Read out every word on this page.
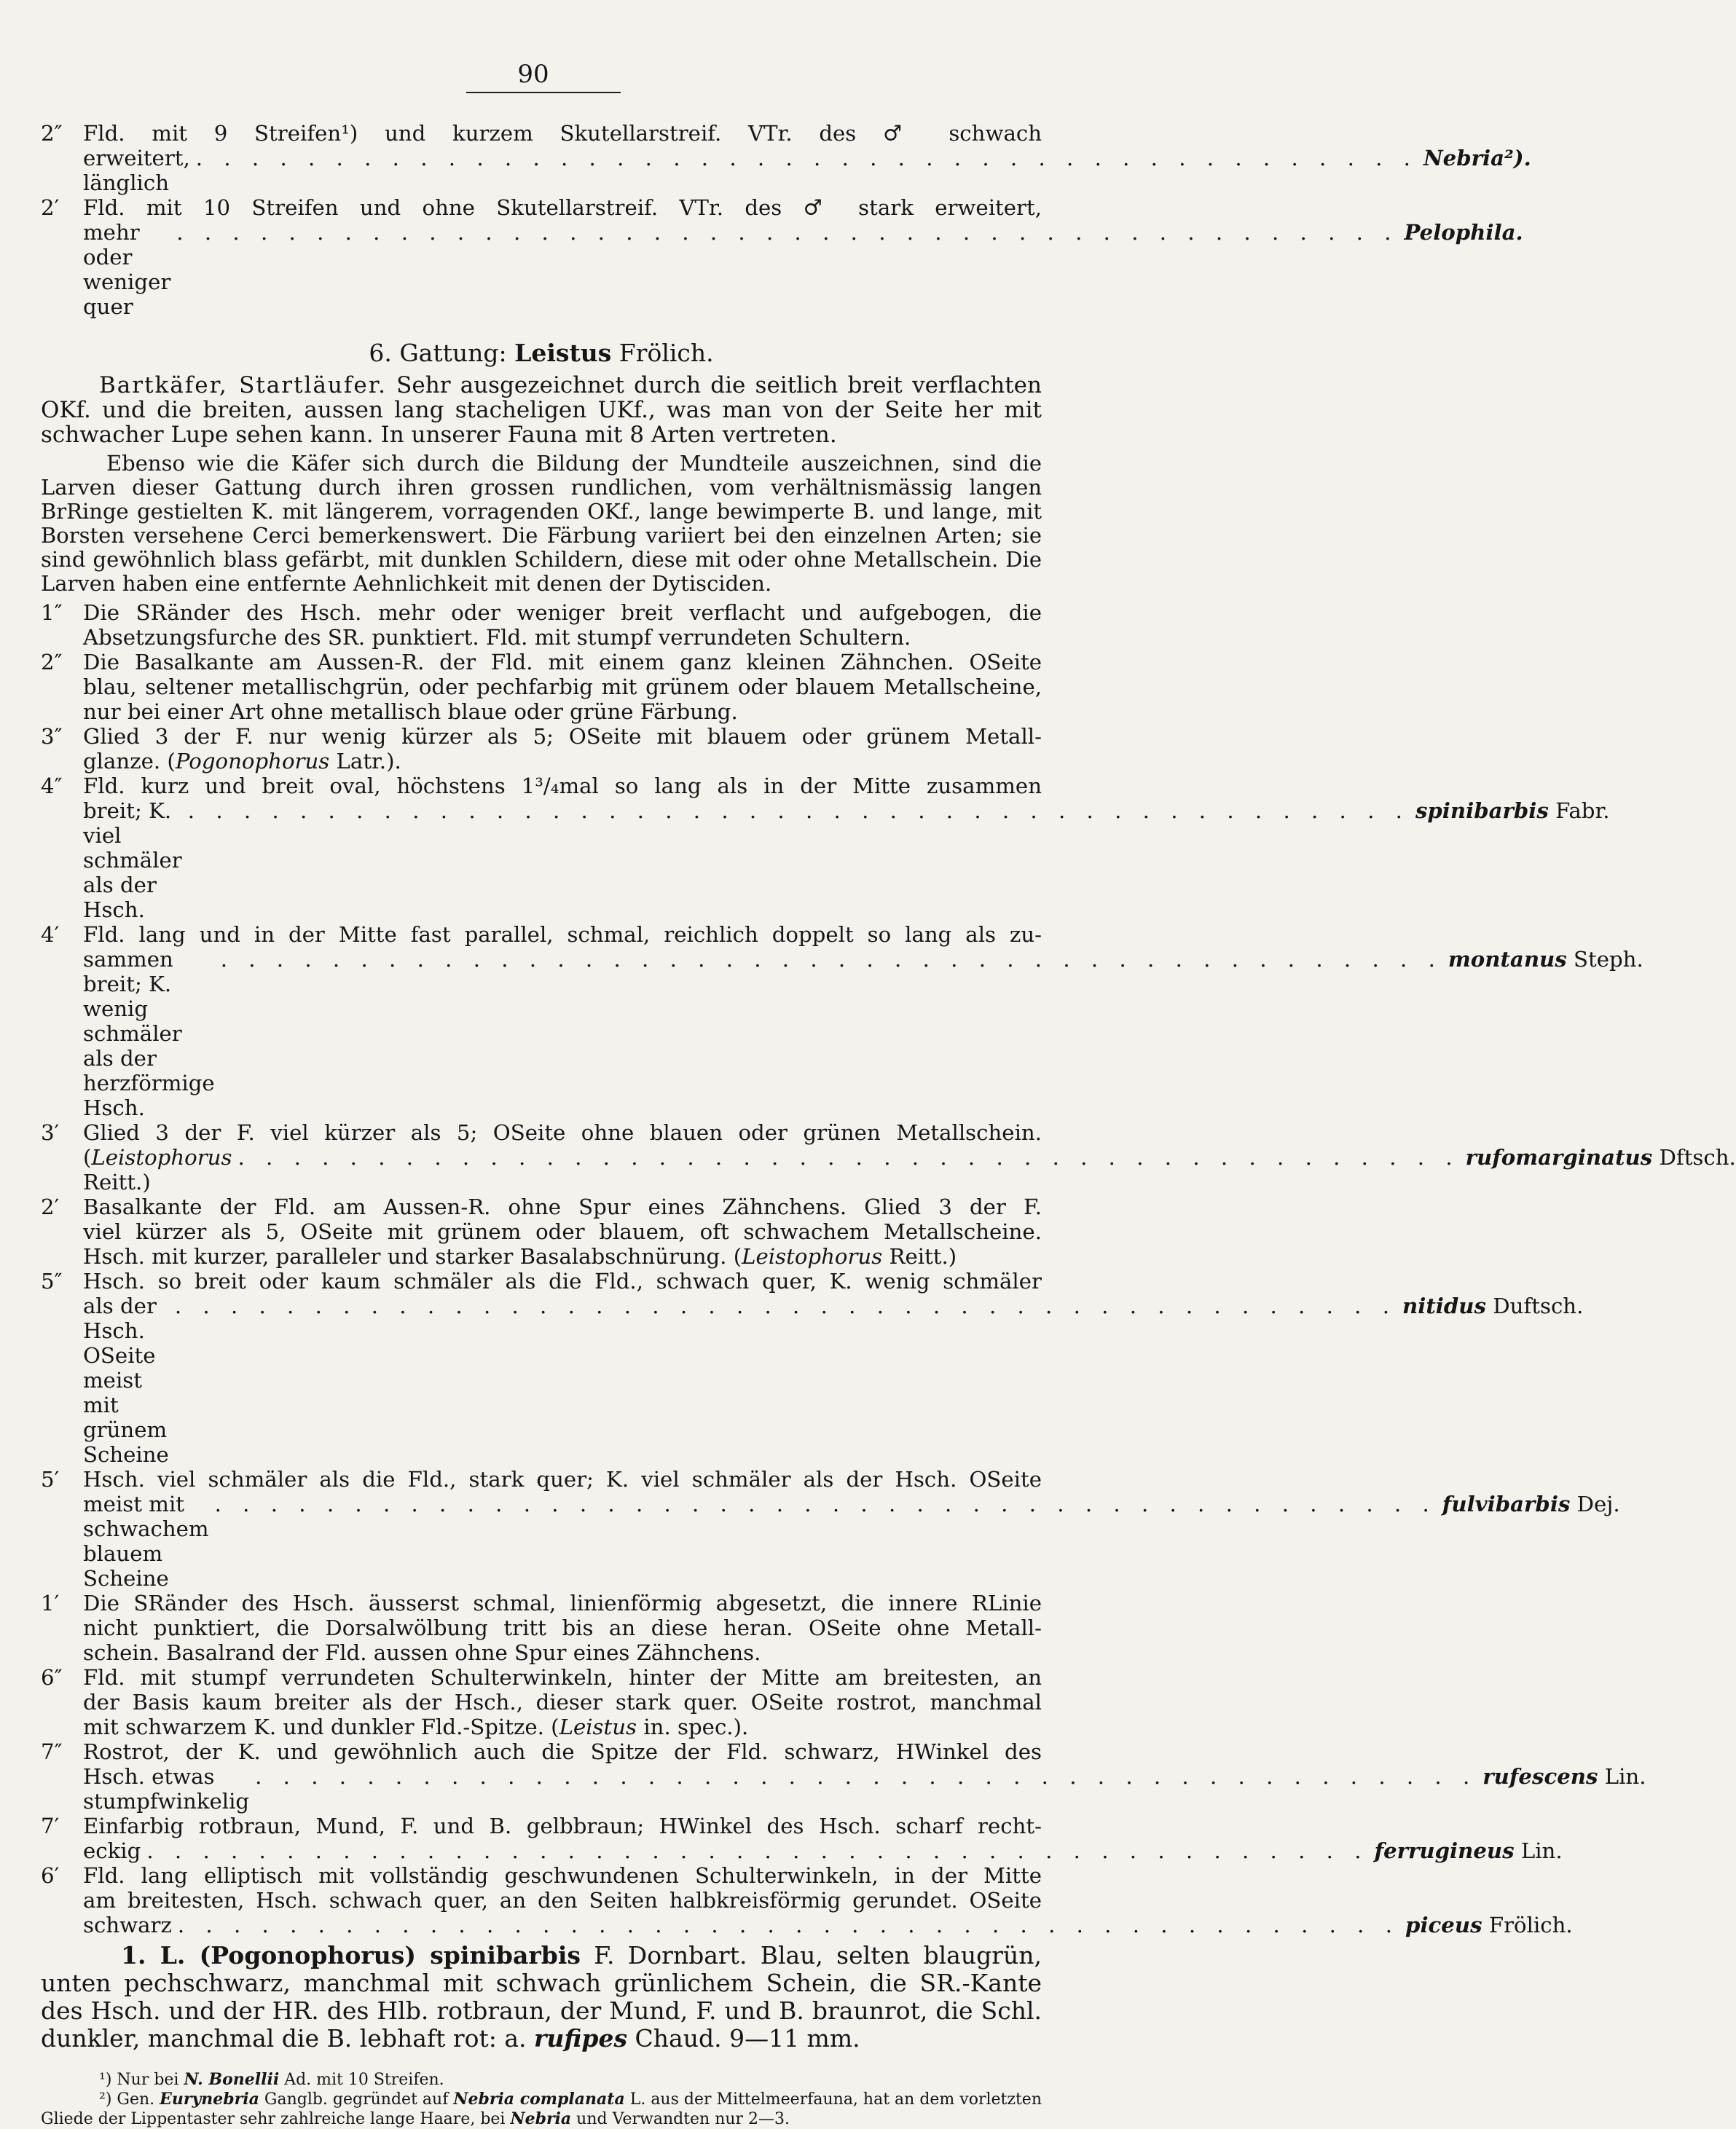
90
2″ Fld. mit 9 Streifen¹) und kurzem Skutellarstreif. VTr. des ♂ schwach
erweitert, länglich
. . . . . . . . . . . . . . . . . . . . . . . . . . . . . . . . . . . . . . . . . . . . Nebria²).
2′ Fld. mit 10 Streifen und ohne Skutellarstreif. VTr. des ♂ stark erweitert,
mehr oder weniger quer
. . . . . . . . . . . . . . . . . . . . . . . . . . . . . . . . . . . . . . . . . . . . Pelophila.
6. Gattung: Leistus Frölich.
Bartkäfer, Startläufer. Sehr ausgezeichnet durch die seitlich breit verflachten OKf. und die breiten, aussen lang stacheligen UKf., was man von der Seite her mit schwacher Lupe sehen kann. In unserer Fauna mit 8 Arten vertreten.
Ebenso wie die Käfer sich durch die Bildung der Mundteile auszeichnen, sind die Larven dieser Gattung durch ihren grossen rundlichen, vom verhältnismässig langen BrRinge gestielten K. mit längerem, vorragenden OKf., lange bewimperte B. und lange, mit Borsten versehene Cerci bemerkenswert. Die Färbung variiert bei den einzelnen Arten; sie sind gewöhnlich blass gefärbt, mit dunklen Schildern, diese mit oder ohne Metallschein. Die Larven haben eine entfernte Aehnlichkeit mit denen der Dytisciden.
1″ Die SRänder des Hsch. mehr oder weniger breit verflacht und aufgebogen, die
Absetzungsfurche des SR. punktiert. Fld. mit stumpf verrundeten Schultern.
2″ Die Basalkante am Aussen-R. der Fld. mit einem ganz kleinen Zähnchen. OSeite
blau, seltener metallischgrün, oder pechfarbig mit grünem oder blauem Metallscheine,
nur bei einer Art ohne metallisch blaue oder grüne Färbung.
3″ Glied 3 der F. nur wenig kürzer als 5; OSeite mit blauem oder grünem Metall-
glanze. (Pogonophorus Latr.).
4″ Fld. kurz und breit oval, höchstens 1³/₄mal so lang als in der Mitte zusammen
breit; K. viel schmäler als der Hsch.
. . . . . . . . . . . . . . . . . . . . . . . . . . . . . . . . . . . . . . . . . . . . spinibarbis Fabr.
4′ Fld. lang und in der Mitte fast parallel, schmal, reichlich doppelt so lang als zu-
sammen breit; K. wenig schmäler als der herzförmige Hsch.
. . . . . . . . . . . . . . . . . . . . . . . . . . . . . . . . . . . . . . . . . . . . montanus Steph.
3′ Glied 3 der F. viel kürzer als 5; OSeite ohne blauen oder grünen Metallschein.
(Leistophorus Reitt.)
. . . . . . . . . . . . . . . . . . . . . . . . . . . . . . . . . . . . . . . . . . . . rufomarginatus Dftsch.
2′ Basalkante der Fld. am Aussen-R. ohne Spur eines Zähnchens. Glied 3 der F.
viel kürzer als 5, OSeite mit grünem oder blauem, oft schwachem Metallscheine.
Hsch. mit kurzer, paralleler und starker Basalabschnürung. (Leistophorus Reitt.)
5″ Hsch. so breit oder kaum schmäler als die Fld., schwach quer, K. wenig schmäler
als der Hsch. OSeite meist mit grünem Scheine
. . . . . . . . . . . . . . . . . . . . . . . . . . . . . . . . . . . . . . . . . . . . nitidus Duftsch.
5′ Hsch. viel schmäler als die Fld., stark quer; K. viel schmäler als der Hsch. OSeite
meist mit schwachem blauem Scheine
. . . . . . . . . . . . . . . . . . . . . . . . . . . . . . . . . . . . . . . . . . . . fulvibarbis Dej.
1′ Die SRänder des Hsch. äusserst schmal, linienförmig abgesetzt, die innere RLinie
nicht punktiert, die Dorsalwölbung tritt bis an diese heran. OSeite ohne Metall-
schein. Basalrand der Fld. aussen ohne Spur eines Zähnchens.
6″ Fld. mit stumpf verrundeten Schulterwinkeln, hinter der Mitte am breitesten, an
der Basis kaum breiter als der Hsch., dieser stark quer. OSeite rostrot, manchmal
mit schwarzem K. und dunkler Fld.-Spitze. (Leistus in. spec.).
7″ Rostrot, der K. und gewöhnlich auch die Spitze der Fld. schwarz, HWinkel des
Hsch. etwas stumpfwinkelig
. . . . . . . . . . . . . . . . . . . . . . . . . . . . . . . . . . . . . . . . . . . . rufescens Lin.
7′ Einfarbig rotbraun, Mund, F. und B. gelbbraun; HWinkel des Hsch. scharf recht-
eckig . . . . . . . . . . . . . . . . . . . . . . . . . . . . . . . . . . . . . . . . . . . . ferrugineus Lin.
6′ Fld. lang elliptisch mit vollständig geschwundenen Schulterwinkeln, in der Mitte
am breitesten, Hsch. schwach quer, an den Seiten halbkreisförmig gerundet. OSeite
schwarz . . . . . . . . . . . . . . . . . . . . . . . . . . . . . . . . . . . . . . . . . . . . piceus Frölich.
1. L. (Pogonophorus) spinibarbis F. Dornbart. Blau, selten blaugrün, unten pechschwarz, manchmal mit schwach grünlichem Schein, die SR.-Kante des Hsch. und der HR. des Hlb. rotbraun, der Mund, F. und B. braunrot, die Schl. dunkler, manchmal die B. lebhaft rot: a. rufipes Chaud. 9—11 mm.
¹) Nur bei N. Bonellii Ad. mit 10 Streifen.
²) Gen. Eurynebria Ganglb. gegründet auf Nebria complanata L. aus der Mittelmeerfauna, hat an dem vorletzten Gliede der Lippentaster sehr zahlreiche lange Haare, bei Nebria und Verwandten nur 2—3.
